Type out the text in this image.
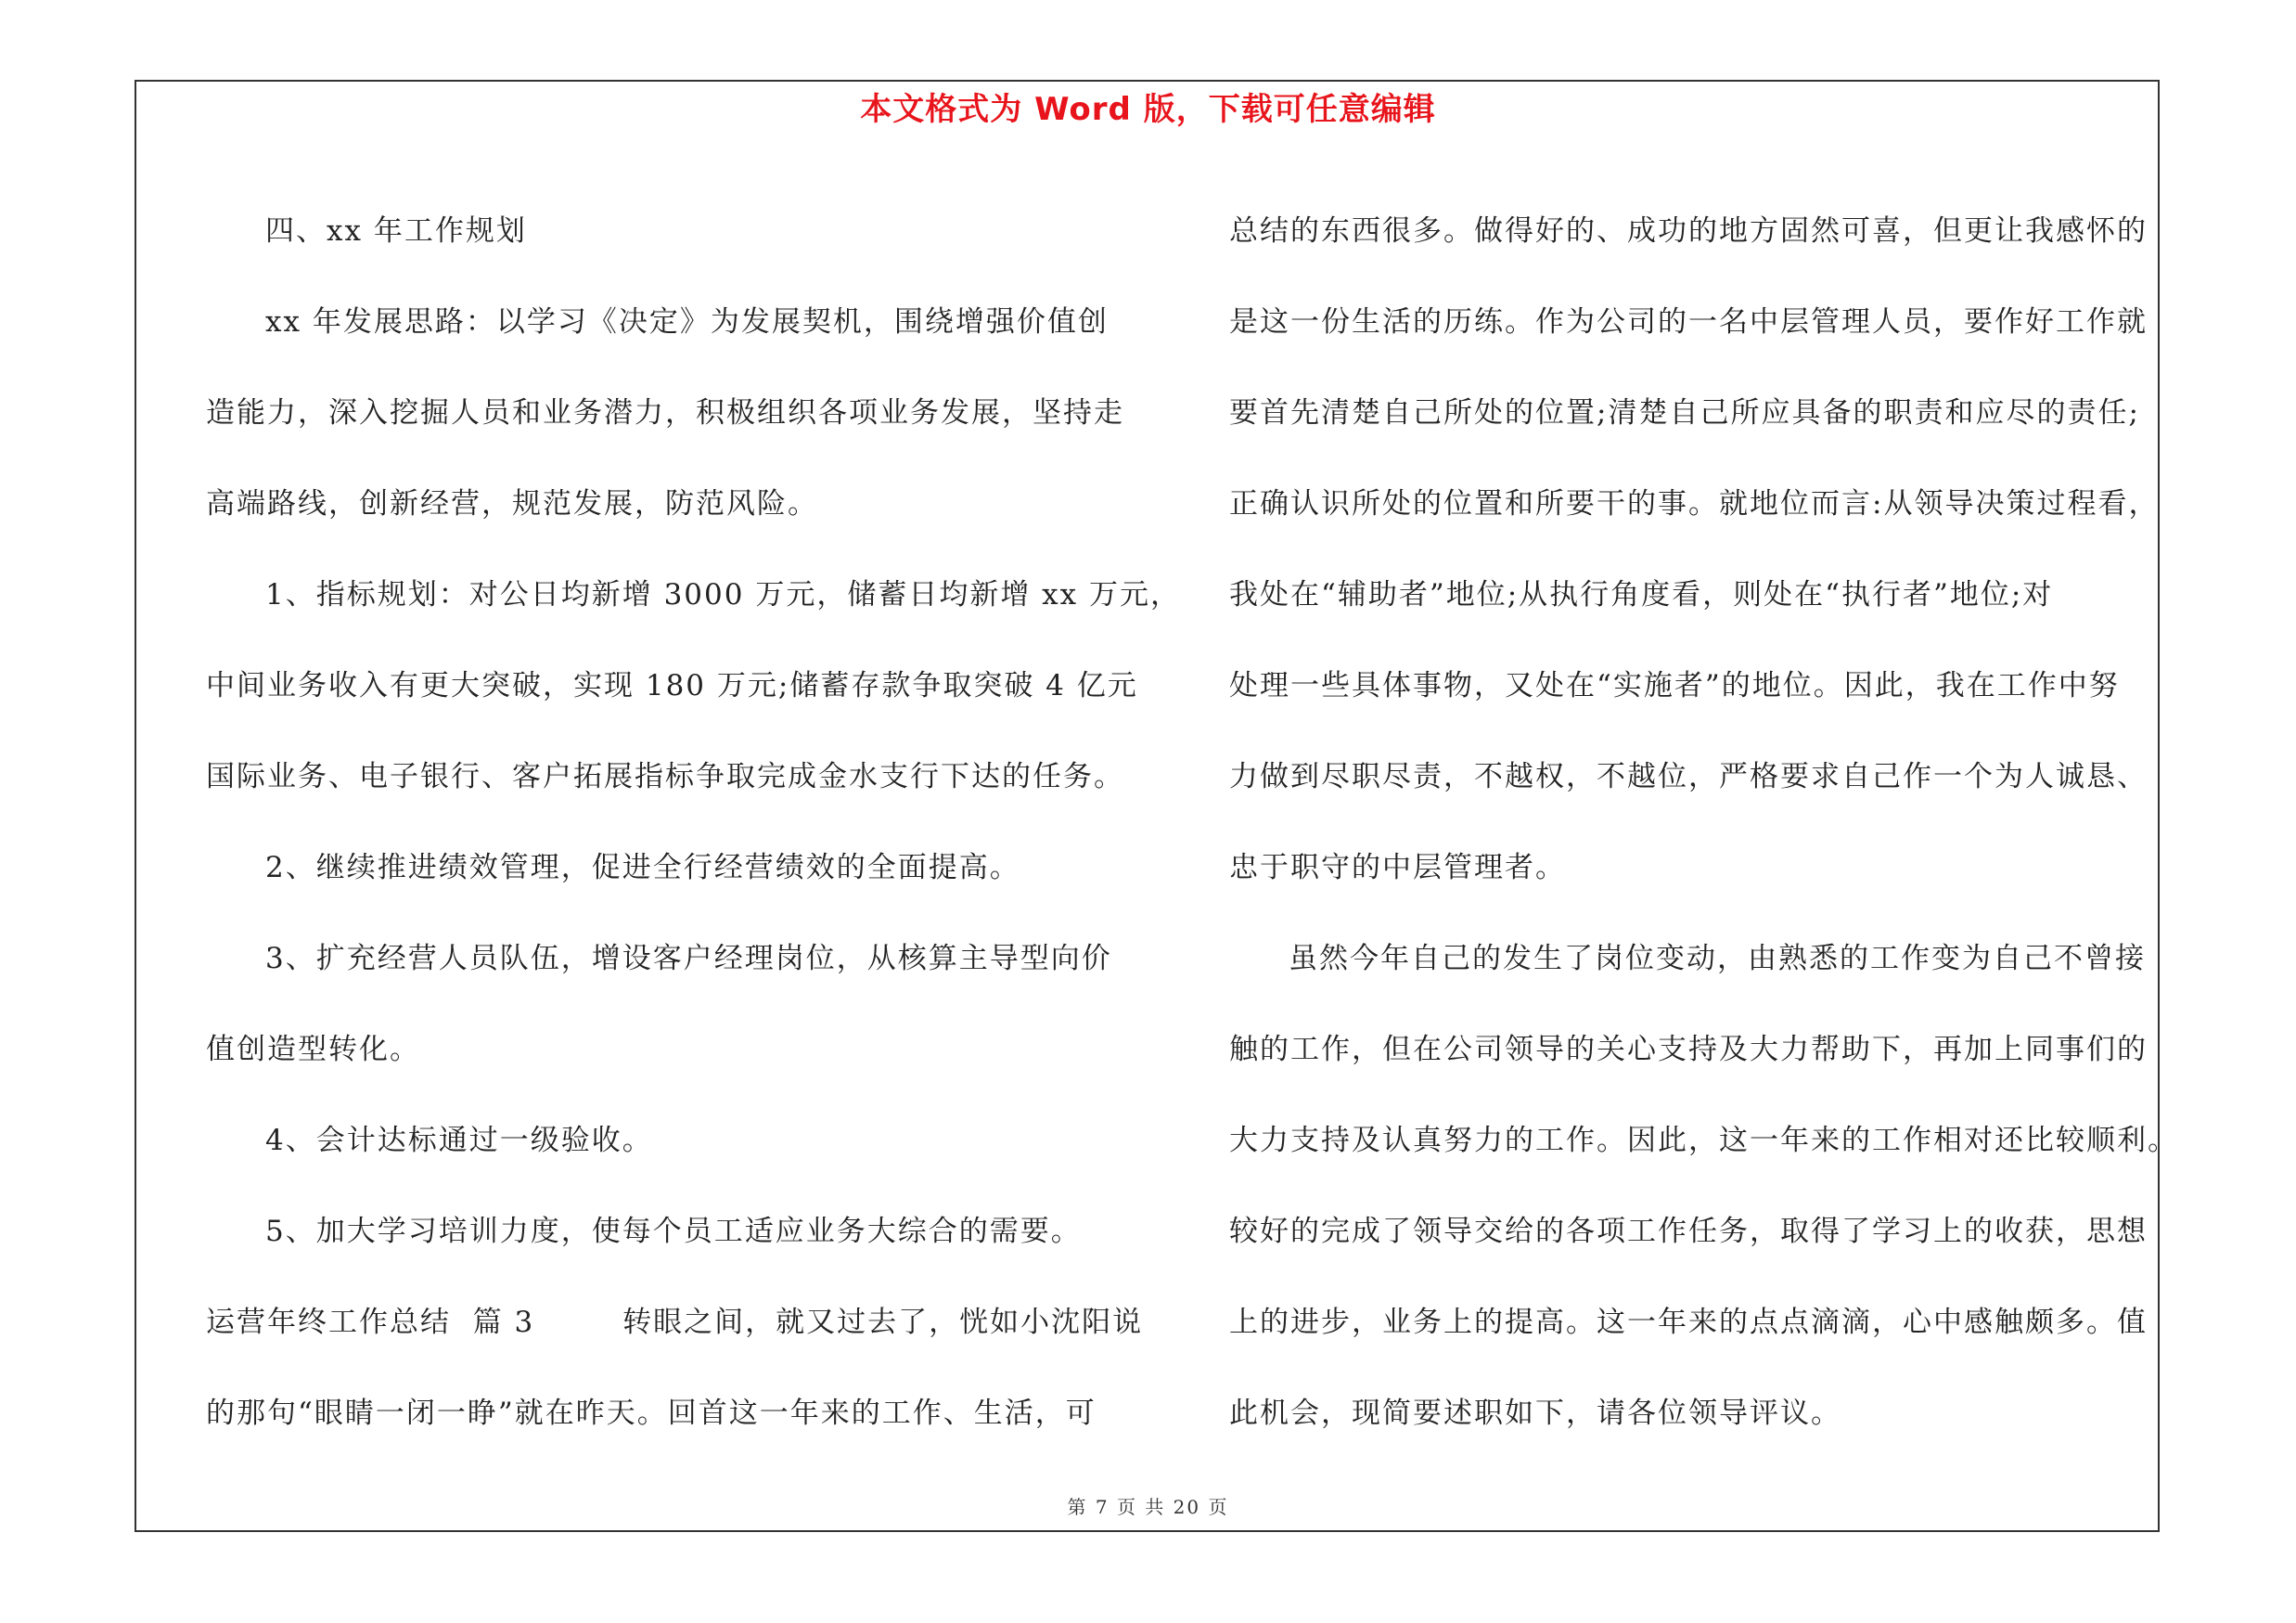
本文格式为 Word 版，下载可任意编辑
四、xx 年工作规划
xx 年发展思路：以学习《决定》为发展契机，围绕增强价值创
造能力，深入挖掘人员和业务潜力，积极组织各项业务发展，坚持走
高端路线，创新经营，规范发展，防范风险。
1、指标规划：对公日均新增 3000 万元，储蓄日均新增 xx 万元，
中间业务收入有更大突破，实现 180 万元;储蓄存款争取突破 4 亿元
国际业务、电子银行、客户拓展指标争取完成金水支行下达的任务。
2、继续推进绩效管理，促进全行经营绩效的全面提高。
3、扩充经营人员队伍，增设客户经理岗位，从核算主导型向价
值创造型转化。
4、会计达标通过一级验收。
5、加大学习培训力度，使每个员工适应业务大综合的需要。
运营年终工作总结  篇 3        转眼之间，就又过去了，恍如小沈阳说
的那句“眼睛一闭一睁”就在昨天。回首这一年来的工作、生活，可
总结的东西很多。做得好的、成功的地方固然可喜，但更让我感怀的
是这一份生活的历练。作为公司的一名中层管理人员，要作好工作就
要首先清楚自己所处的位置;清楚自己所应具备的职责和应尽的责任;
正确认识所处的位置和所要干的事。就地位而言:从领导决策过程看，
我处在“辅助者”地位;从执行角度看，则处在“执行者”地位;对
处理一些具体事物，又处在“实施者”的地位。因此，我在工作中努
力做到尽职尽责，不越权，不越位，严格要求自己作一个为人诚恳、
忠于职守的中层管理者。
虽然今年自己的发生了岗位变动，由熟悉的工作变为自己不曾接
触的工作，但在公司领导的关心支持及大力帮助下，再加上同事们的
大力支持及认真努力的工作。因此，这一年来的工作相对还比较顺利。
较好的完成了领导交给的各项工作任务，取得了学习上的收获，思想
上的进步，业务上的提高。这一年来的点点滴滴，心中感触颇多。值
此机会，现简要述职如下，请各位领导评议。
第 7 页 共 20 页
